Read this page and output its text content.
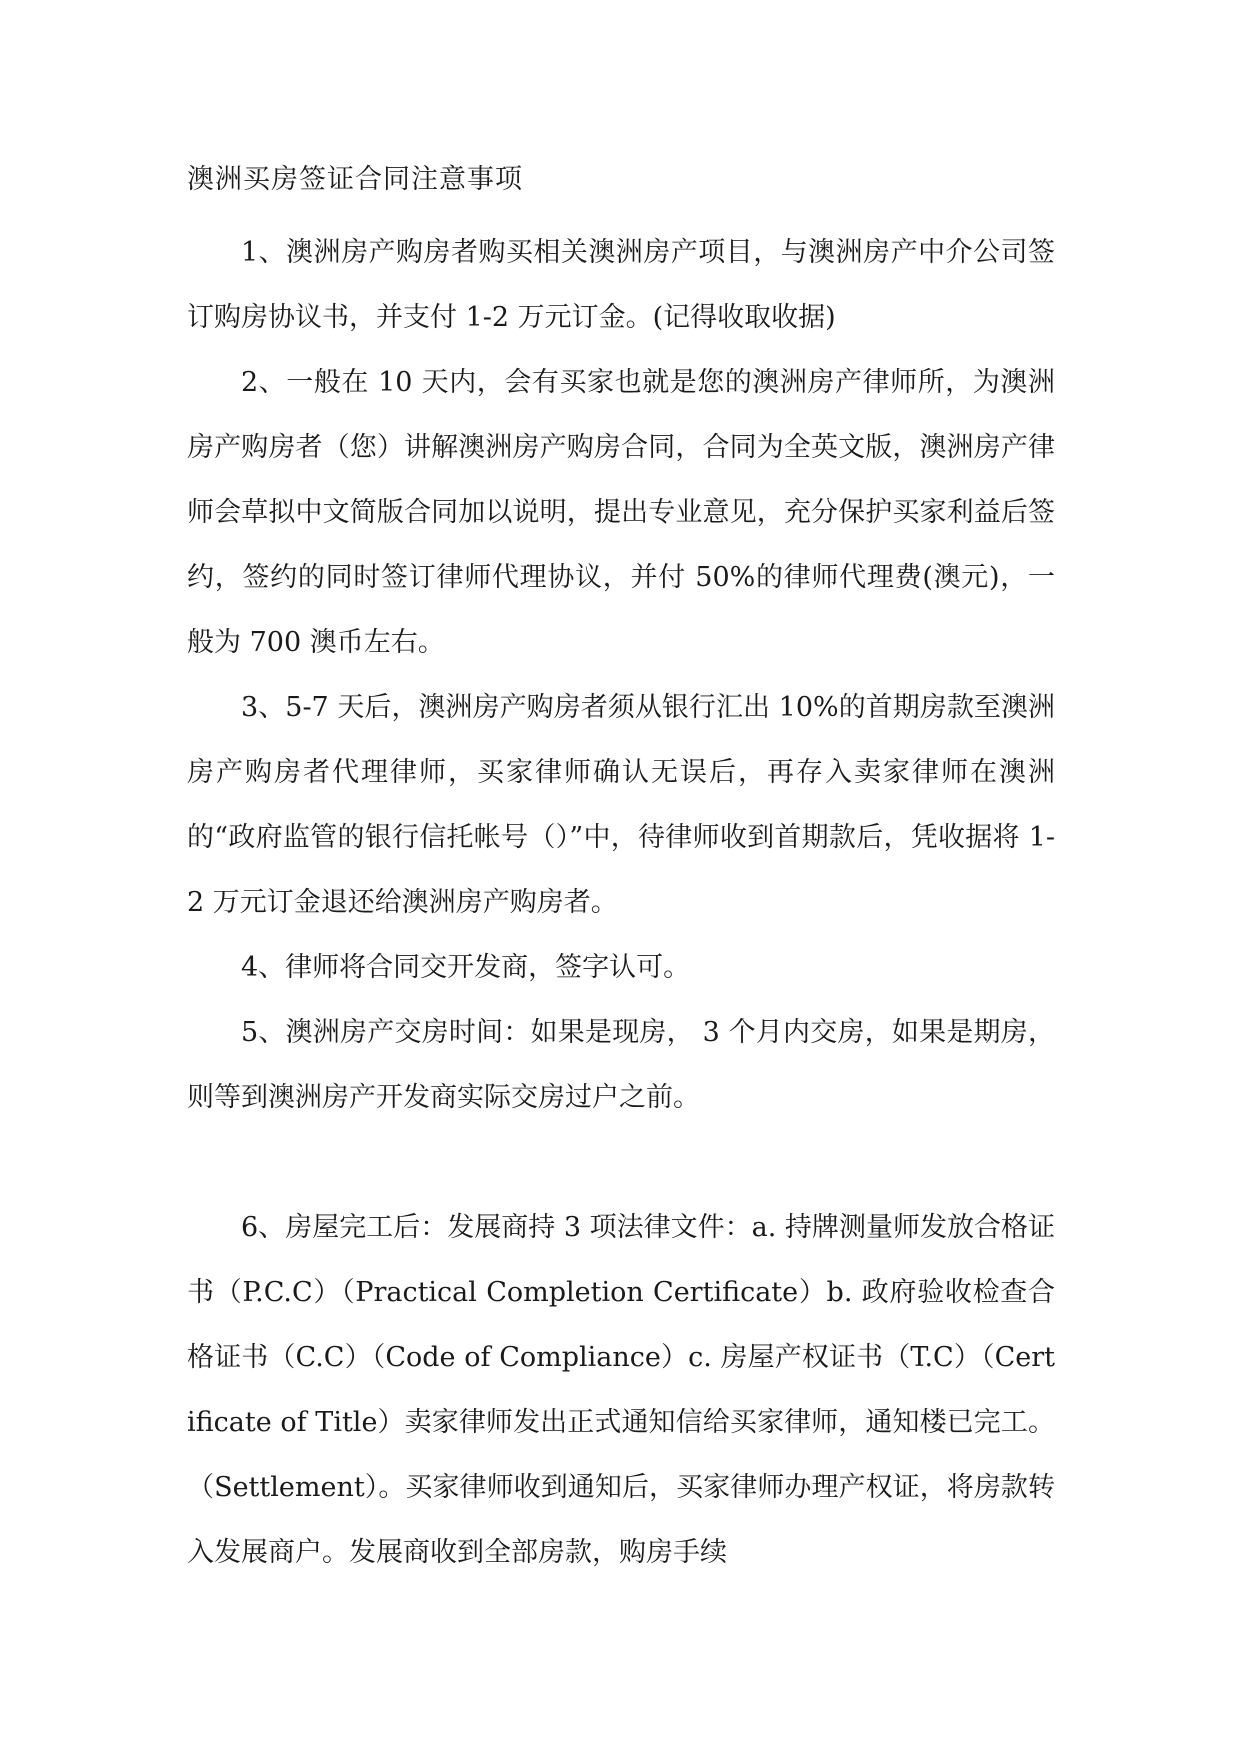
澳洲买房签证合同注意事项

1、澳洲房产购房者购买相关澳洲房产项目，与澳洲房产中介公司签订购房协议书，并支付 1-2 万元订金。(记得收取收据)

2、一般在 10 天内，会有买家也就是您的澳洲房产律师所，为澳洲房产购房者（您）讲解澳洲房产购房合同，合同为全英文版，澳洲房产律师会草拟中文简版合同加以说明，提出专业意见，充分保护买家利益后签约，签约的同时签订律师代理协议，并付 50%的律师代理费(澳元)，一般为 700 澳币左右。

3、5-7 天后，澳洲房产购房者须从银行汇出 10%的首期房款至澳洲房产购房者代理律师，买家律师确认无误后，再存入卖家律师在澳洲的“政府监管的银行信托帐号（）”中，待律师收到首期款后，凭收据将 1-2 万元订金退还给澳洲房产购房者。

4、律师将合同交开发商，签字认可。

5、澳洲房产交房时间：如果是现房， 3 个月内交房，如果是期房，则等到澳洲房产开发商实际交房过户之前。

6、房屋完工后：发展商持 3 项法律文件：a. 持牌测量师发放合格证书（P.C.C）（Practical Completion Certificate）b. 政府验收检查合格证书（C.C）（Code of Compliance）c. 房屋产权证书（T.C）（Certificate of Title）卖家律师发出正式通知信给买家律师，通知楼已完工。（Settlement）。买家律师收到通知后，买家律师办理产权证，将房款转入发展商户。发展商收到全部房款，购房手续
